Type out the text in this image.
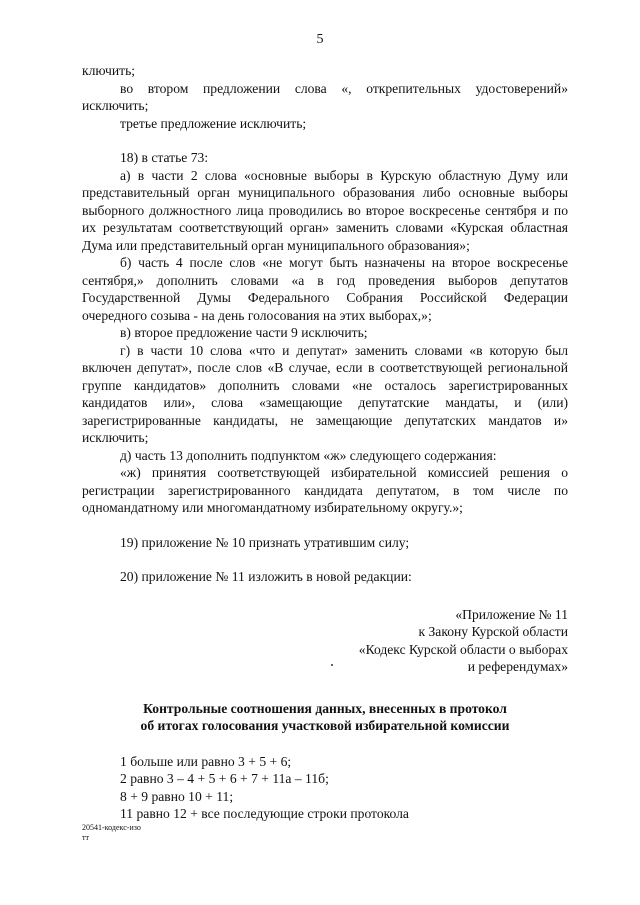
5

ключить;

во втором предложении слова «, открепительных удостоверений» исключить;

третье предложение исключить;

18) в статье 73:

а) в части 2 слова «основные выборы в Курскую областную Думу или представительный орган муниципального образования либо основные выборы выборного должностного лица проводились во второе воскресенье сентября и по их результатам соответствующий орган» заменить словами «Курская областная Дума или представительный орган муниципального образования»;

б) часть 4 после слов «не могут быть назначены на второе воскресенье сентября,» дополнить словами «а в год проведения выборов депутатов Государственной Думы Федерального Собрания Российской Федерации очередного созыва - на день голосования на этих выборах,»;

в) второе предложение части 9 исключить;

г) в части 10 слова «что и депутат» заменить словами «в которую был включен депутат», после слов «В случае, если в соответствующей региональной группе кандидатов» дополнить словами «не осталось зарегистрированных кандидатов или», слова «замещающие депутатские мандаты, и (или) зарегистрированные кандидаты, не замещающие депутатских мандатов и» исключить;

д) часть 13 дополнить подпунктом «ж» следующего содержания:

«ж) принятия соответствующей избирательной комиссией решения о регистрации зарегистрированного кандидата депутатом, в том числе по одномандатному или многомандатному избирательному округу.»;

19) приложение № 10 признать утратившим силу;

20) приложение № 11 изложить в новой редакции:

«Приложение № 11

к Закону Курской области

«Кодекс Курской области о выборах

и референдумах»

Контрольные соотношения данных, внесенных в протокол

об итогах голосования участковой избирательной комиссии

1 больше или равно 3 + 5 + 6;

2 равно 3 – 4 + 5 + 6 + 7 + 11а – 11б;

8 + 9 равно 10 + 11;

11 равно 12 + все последующие строки протокола

20541-кодекс-изо
тт
